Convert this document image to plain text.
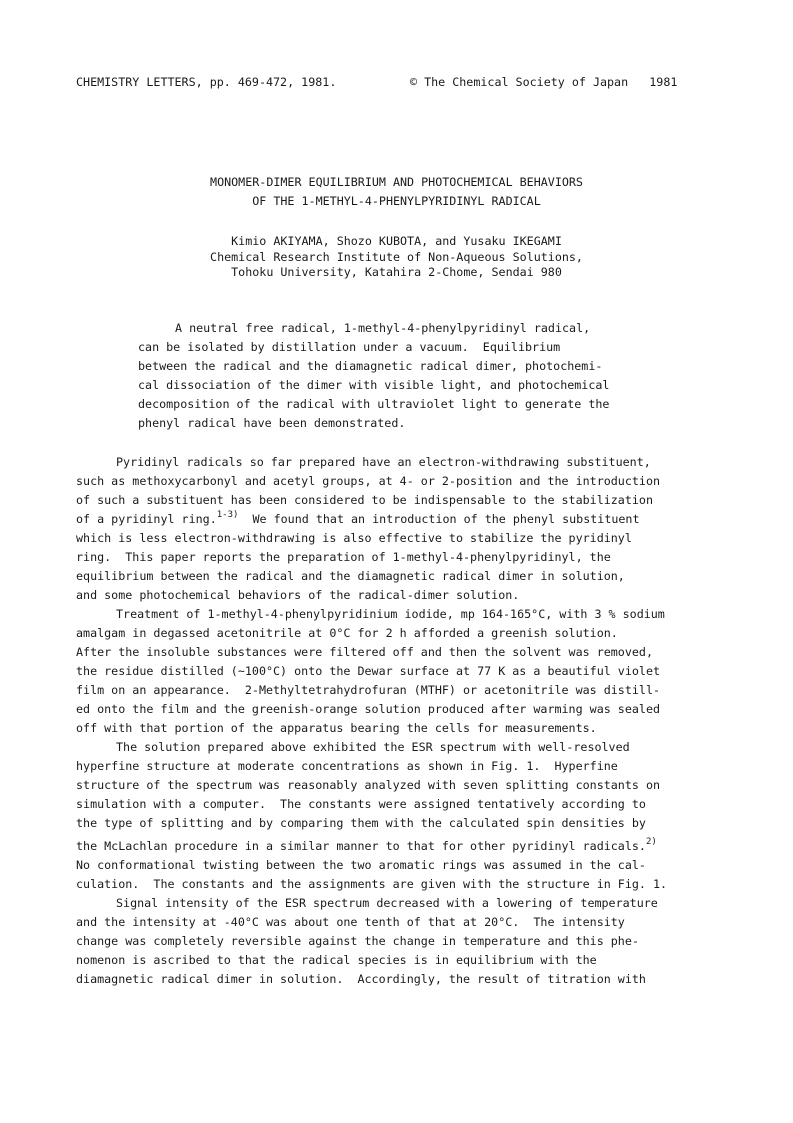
CHEMISTRY LETTERS, pp. 469-472, 1981.	© The Chemical Society of Japan   1981
MONOMER-DIMER EQUILIBRIUM AND PHOTOCHEMICAL BEHAVIORS
OF THE 1-METHYL-4-PHENYLPYRIDINYL RADICAL
Kimio AKIYAMA, Shozo KUBOTA, and Yusaku IKEGAMI
Chemical Research Institute of Non-Aqueous Solutions,
Tohoku University, Katahira 2-Chome, Sendai 980
A neutral free radical, 1-methyl-4-phenylpyridinyl radical,
can be isolated by distillation under a vacuum.  Equilibrium
between the radical and the diamagnetic radical dimer, photochemi-
cal dissociation of the dimer with visible light, and photochemical
decomposition of the radical with ultraviolet light to generate the
phenyl radical have been demonstrated.
Pyridinyl radicals so far prepared have an electron-withdrawing substituent,
such as methoxycarbonyl and acetyl groups, at 4- or 2-position and the introduction
of such a substituent has been considered to be indispensable to the stabilization
of a pyridinyl ring.$^{1-3)}$ We found that an introduction of the phenyl substituent
which is less electron-withdrawing is also effective to stabilize the pyridinyl
ring.  This paper reports the preparation of 1-methyl-4-phenylpyridinyl, the
equilibrium between the radical and the diamagnetic radical dimer in solution,
and some photochemical behaviors of the radical-dimer solution.
Treatment of 1-methyl-4-phenylpyridinium iodide, mp 164-165°C, with 3 % sodium
amalgam in degassed acetonitrile at 0°C for 2 h afforded a greenish solution.
After the insoluble substances were filtered off and then the solvent was removed,
the residue distilled (~100°C) onto the Dewar surface at 77 K as a beautiful violet
film on an appearance.  2-Methyltetrahydrofuran (MTHF) or acetonitrile was distill-
ed onto the film and the greenish-orange solution produced after warming was sealed
off with that portion of the apparatus bearing the cells for measurements.
The solution prepared above exhibited the ESR spectrum with well-resolved
hyperfine structure at moderate concentrations as shown in Fig. 1.  Hyperfine
structure of the spectrum was reasonably analyzed with seven splitting constants on
simulation with a computer.  The constants were assigned tentatively according to
the type of splitting and by comparing them with the calculated spin densities by
the McLachlan procedure in a similar manner to that for other pyridinyl radicals.$^{2)}$
No conformational twisting between the two aromatic rings was assumed in the cal-
culation.  The constants and the assignments are given with the structure in Fig. 1.
Signal intensity of the ESR spectrum decreased with a lowering of temperature
and the intensity at -40°C was about one tenth of that at 20°C.  The intensity
change was completely reversible against the change in temperature and this phe-
nomenon is ascribed to that the radical species is in equilibrium with the
diamagnetic radical dimer in solution.  Accordingly, the result of titration with
